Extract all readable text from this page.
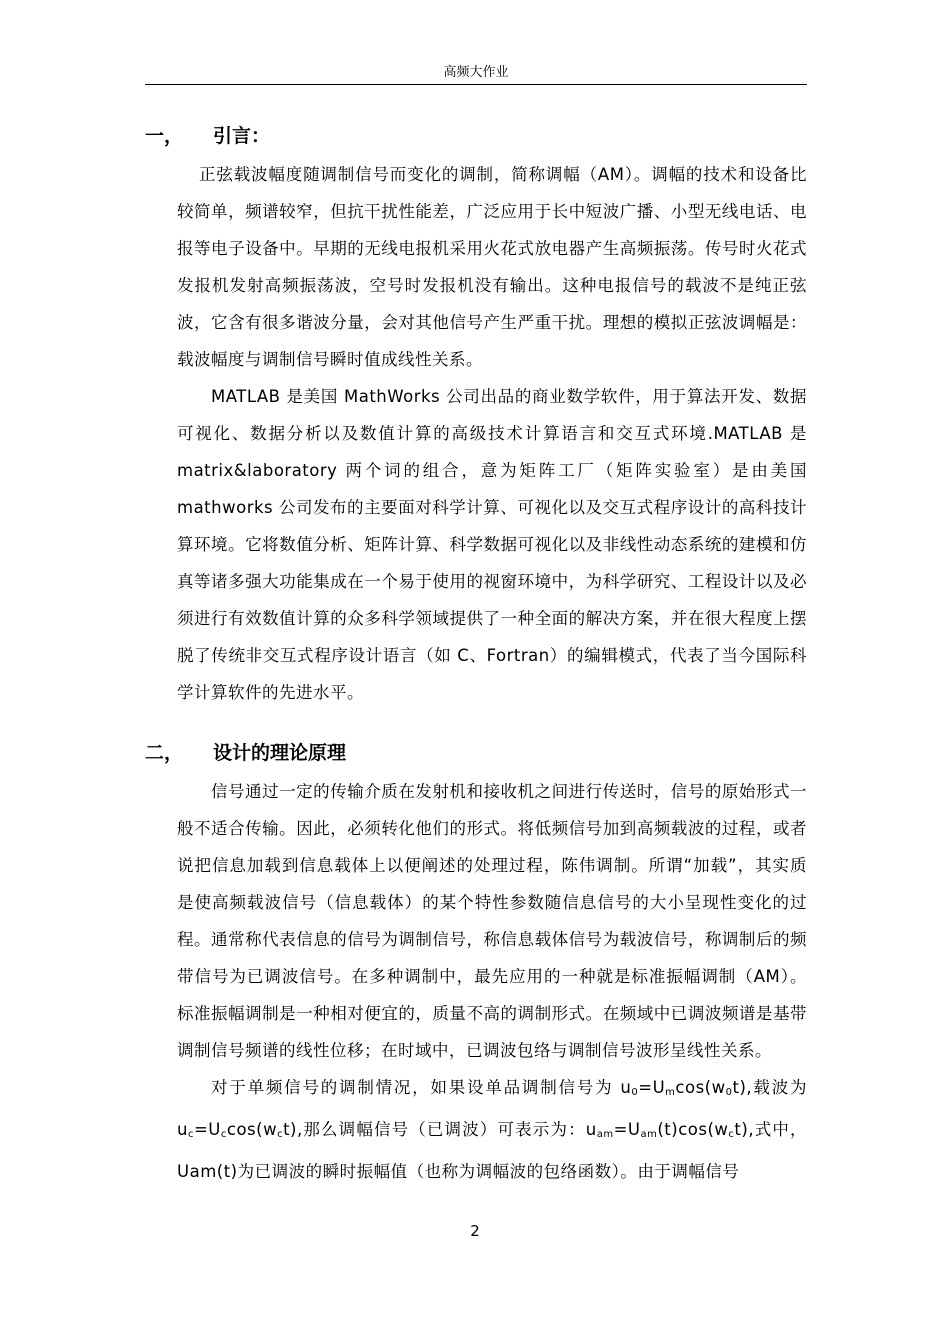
高频大作业
一，	引言：

正弦载波幅度随调制信号而变化的调制，简称调幅（AM）。调幅的技术和设备比较简单，频谱较窄，但抗干扰性能差，广泛应用于长中短波广播、小型无线电话、电报等电子设备中。早期的无线电报机采用火花式放电器产生高频振荡。传号时火花式发报机发射高频振荡波，空号时发报机没有输出。这种电报信号的载波不是纯正弦波，它含有很多谐波分量，会对其他信号产生严重干扰。理想的模拟正弦波调幅是：载波幅度与调制信号瞬时值成线性关系。

MATLAB 是美国 MathWorks 公司出品的商业数学软件，用于算法开发、数据可视化、数据分析以及数值计算的高级技术计算语言和交互式环境.MATLAB 是 matrix&laboratory 两个词的组合，意为矩阵工厂（矩阵实验室）是由美国 mathworks 公司发布的主要面对科学计算、可视化以及交互式程序设计的高科技计算环境。它将数值分析、矩阵计算、科学数据可视化以及非线性动态系统的建模和仿真等诸多强大功能集成在一个易于使用的视窗环境中，为科学研究、工程设计以及必须进行有效数值计算的众多科学领域提供了一种全面的解决方案，并在很大程度上摆脱了传统非交互式程序设计语言（如 C、Fortran）的编辑模式，代表了当今国际科学计算软件的先进水平。

二，	设计的理论原理

信号通过一定的传输介质在发射机和接收机之间进行传送时，信号的原始形式一般不适合传输。因此，必须转化他们的形式。将低频信号加到高频载波的过程，或者说把信息加载到信息载体上以便阐述的处理过程，陈伟调制。所谓“加载”，其实质是使高频载波信号（信息载体）的某个特性参数随信息信号的大小呈现性变化的过程。通常称代表信息的信号为调制信号，称信息载体信号为载波信号，称调制后的频带信号为已调波信号。在多种调制中，最先应用的一种就是标准振幅调制（AM）。标准振幅调制是一种相对便宜的，质量不高的调制形式。在频域中已调波频谱是基带调制信号频谱的线性位移；在时域中，已调波包络与调制信号波形呈线性关系。

对于单频信号的调制情况，如果设单品调制信号为 $u_0=U_m\cos(w_0t)$,载波为 $u_c=U_c\cos(w_ct)$,那么调幅信号（已调波）可表示为：$u_{am}=U_{am}(t)\cos(w_ct)$,式中，Uam(t)为已调波的瞬时振幅值（也称为调幅波的包络函数）。由于调幅信号

2
